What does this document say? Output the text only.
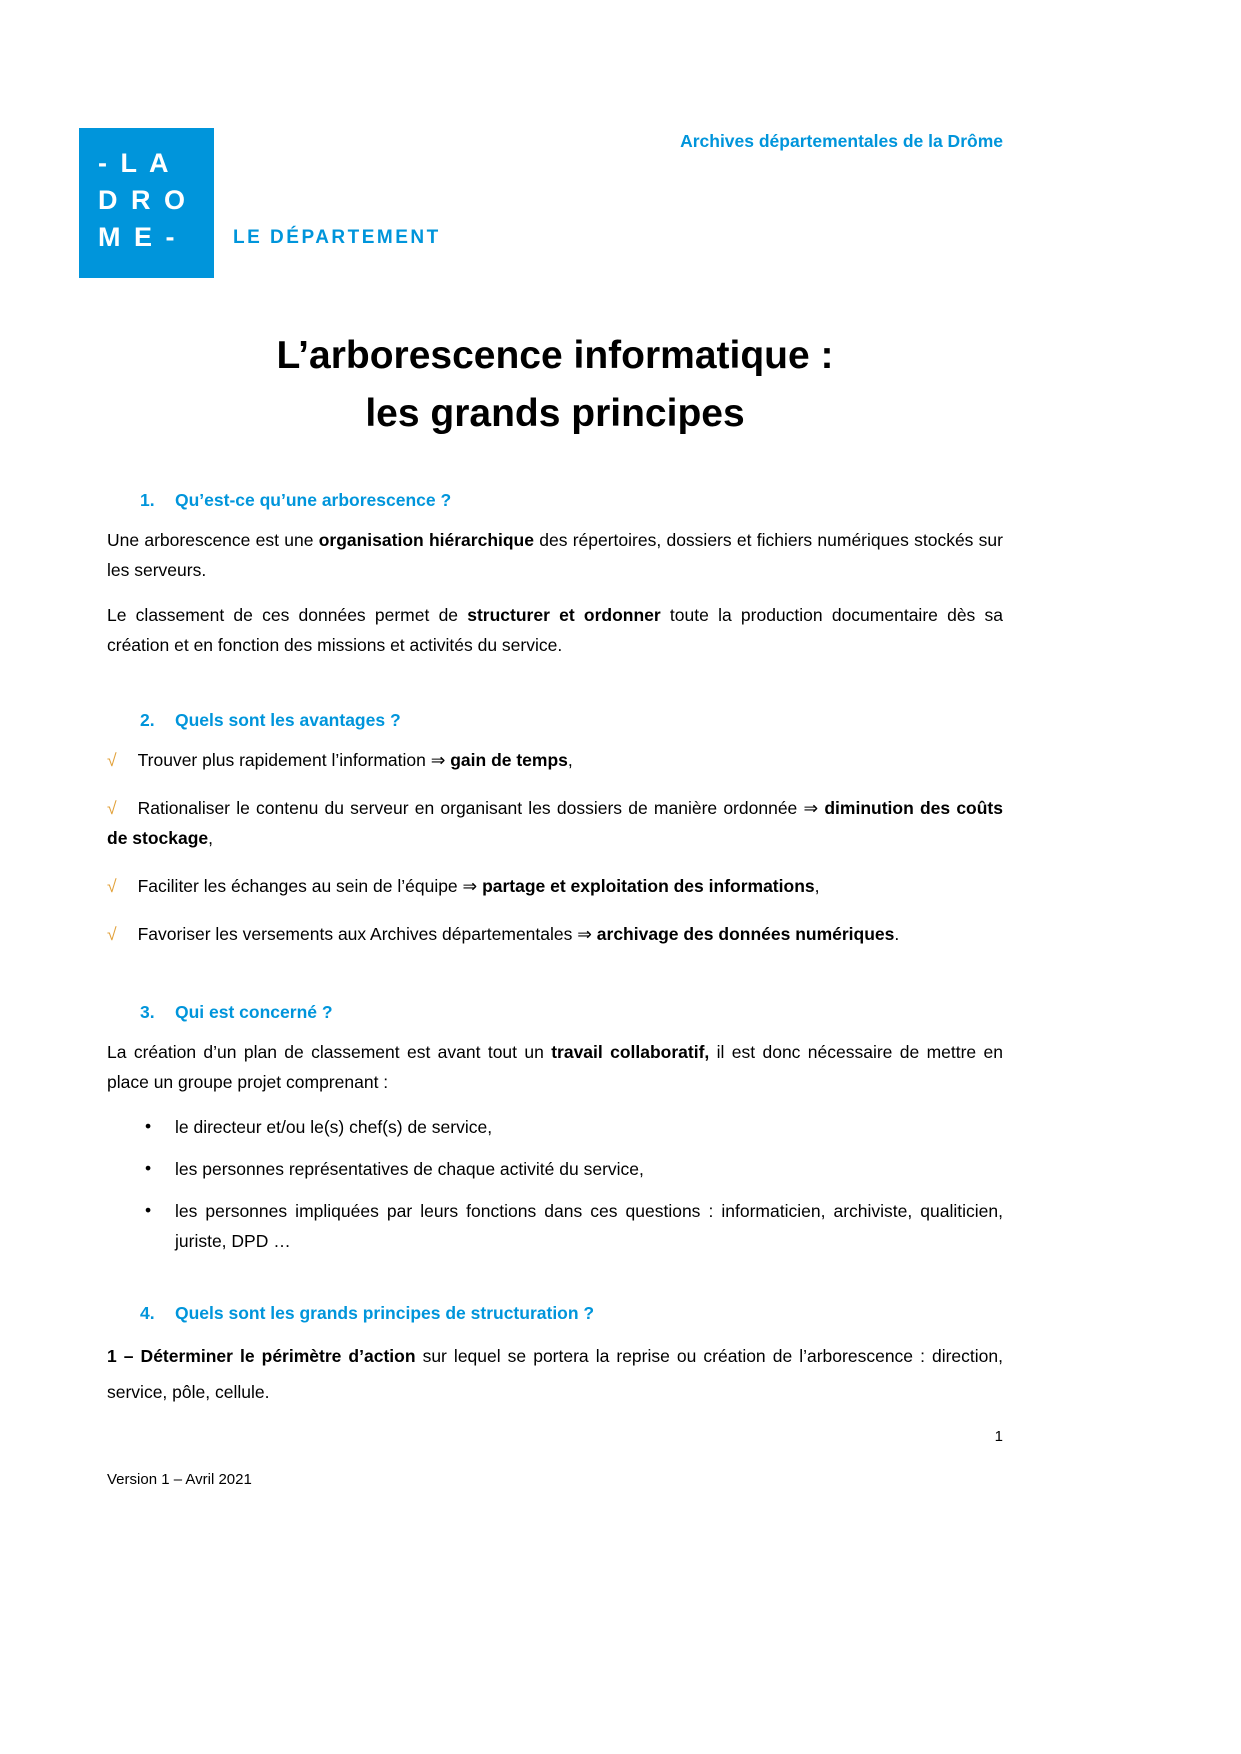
- L A
D R O
M E -	LE DÉPARTEMENT
Archives départementales de la Drôme
L’arborescence informatique :
les grands principes
1. Qu’est-ce qu’une arborescence ?

Une arborescence est une organisation hiérarchique des répertoires, dossiers et fichiers numériques stockés sur les serveurs.

Le classement de ces données permet de structurer et ordonner toute la production documentaire dès sa création et en fonction des missions et activités du service.

2. Quels sont les avantages ?

√ Trouver plus rapidement l’information ⇒ gain de temps,

√ Rationaliser le contenu du serveur en organisant les dossiers de manière ordonnée ⇒ diminution des coûts de stockage,

√ Faciliter les échanges au sein de l’équipe ⇒ partage et exploitation des informations,

√ Favoriser les versements aux Archives départementales ⇒ archivage des données numériques.

3. Qui est concerné ?

La création d’un plan de classement est avant tout un travail collaboratif, il est donc nécessaire de mettre en place un groupe projet comprenant :

• le directeur et/ou le(s) chef(s) de service,

• les personnes représentatives de chaque activité du service,

• les personnes impliquées par leurs fonctions dans ces questions : informaticien, archiviste, qualiticien, juriste, DPD …

4. Quels sont les grands principes de structuration ?

1 – Déterminer le périmètre d’action sur lequel se portera la reprise ou création de l’arborescence : direction, service, pôle, cellule.

1
Version 1 – Avril 2021
